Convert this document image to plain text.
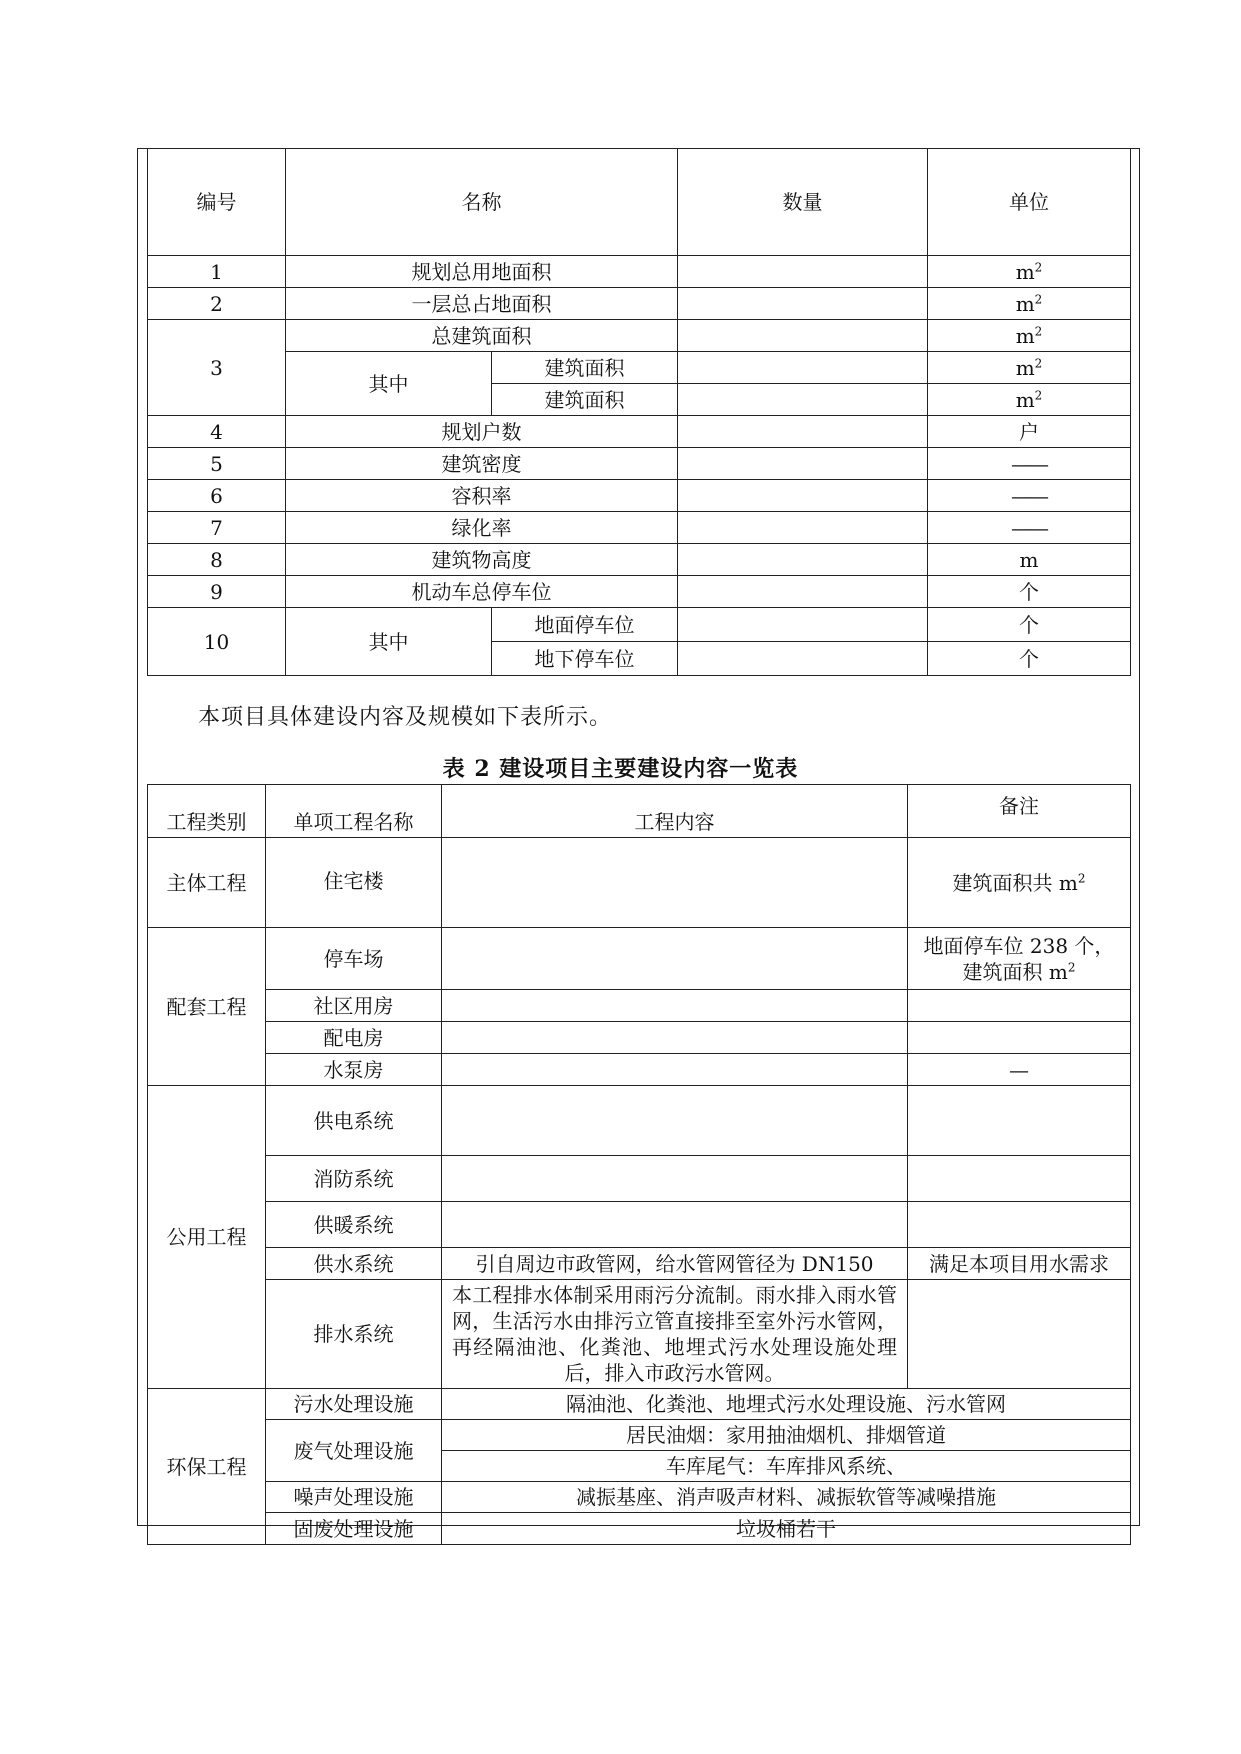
编号	名称		数量	单位
1	规划总用地面积			$m^2$
2	一层总占地面积			$m^2$
3	总建筑面积			$m^2$
	其中	建筑面积		$m^2$
		建筑面积		$m^2$
4	规划户数			户
5	建筑密度			——
6	容积率			——
7	绿化率			——
8	建筑物高度			m
9	机动车总停车位			个
10	其中	地面停车位		个
		地下停车位		个
本项目具体建设内容及规模如下表所示。
表 2 建设项目主要建设内容一览表
工程类别	单项工程名称	工程内容	备注
主体工程	住宅楼		建筑面积共 $m^2$
配套工程	停车场		地面停车位 238 个，
建筑面积 $m^2$

	社区用房		
	配电房		
	水泵房		—
公用工程	供电系统		
	消防系统		
	供暖系统		
	供水系统	引自周边市政管网，给水管网管径为 DN150	满足本项目用水需求
	排水系统	本工程排水体制采用雨污分流制。雨水排入雨水管网，生活污水由排污立管直接排至室外污水管网，再经隔油池、化粪池、地埋式污水处理设施处理后，排入市政污水管网。	
环保工程	污水处理设施	隔油池、化粪池、地埋式污水处理设施、污水管网	
	废气处理设施	居民油烟：家用抽油烟机、排烟管道	
		车库尾气：车库排风系统、	
	噪声处理设施	减振基座、消声吸声材料、减振软管等减噪措施	
	固废处理设施	垃圾桶若干	
